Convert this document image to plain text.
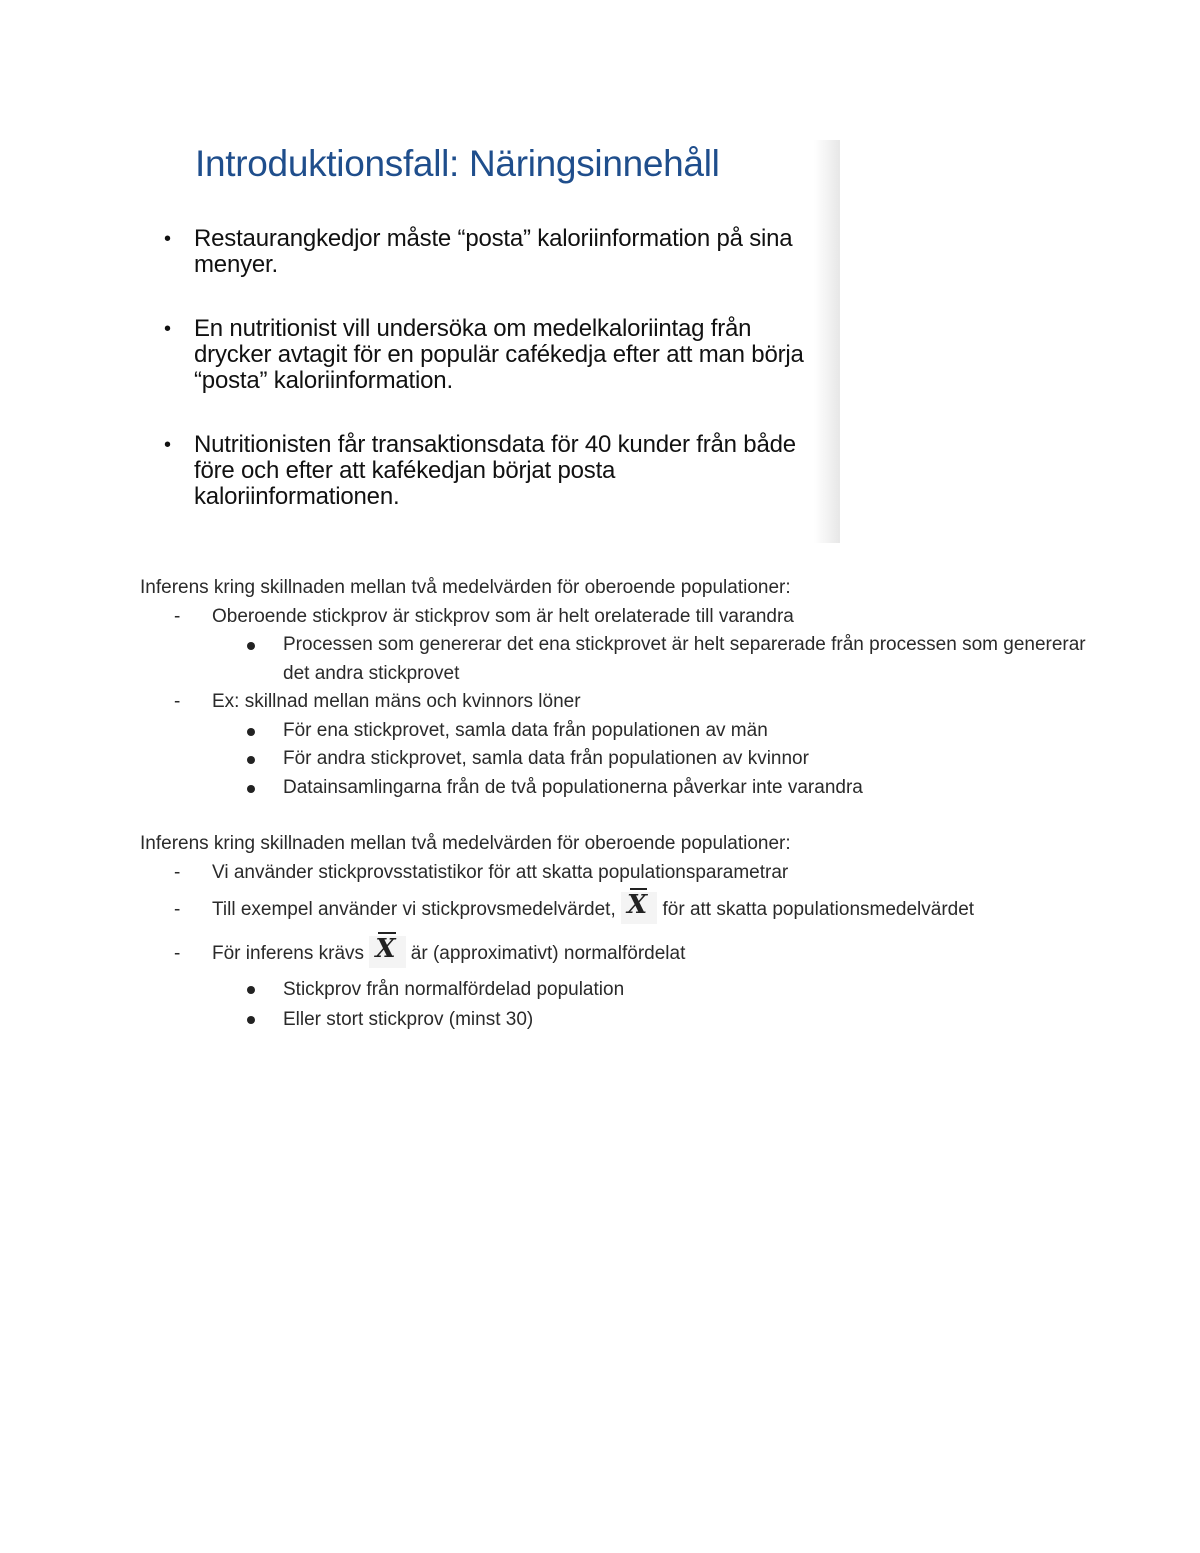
Introduktionsfall: Näringsinnehåll
• Restaurangkedjor måste “posta” kaloriinformation på sina menyer.
• En nutritionist vill undersöka om medelkaloriintag från drycker avtagit för en populär cafékedja efter att man börja “posta” kaloriinformation.
• Nutritionisten får transaktionsdata för 40 kunder från både före och efter att kafékedjan börjat posta kaloriinformationen.

Inferens kring skillnaden mellan två medelvärden för oberoende populationer:

- Oberoende stickprov är stickprov som är helt orelaterade till varandra
Processen som genererar det ena stickprovet är helt separerade från processen som genererar det andra stickprovet
- Ex: skillnad mellan mäns och kvinnors löner
För ena stickprovet, samla data från populationen av män
För andra stickprovet, samla data från populationen av kvinnor
Datainsamlingarna från de två populationerna påverkar inte varandra

Inferens kring skillnaden mellan två medelvärden för oberoende populationer:

- Vi använder stickprovsstatistikor för att skatta populationsparametrar
- Till exempel använder vi stickprovsmedelvärdet, X för att skatta populationsmedelvärdet
- För inferens krävs X är (approximativt) normalfördelat
Stickprov från normalfördelad population
Eller stort stickprov (minst 30)
